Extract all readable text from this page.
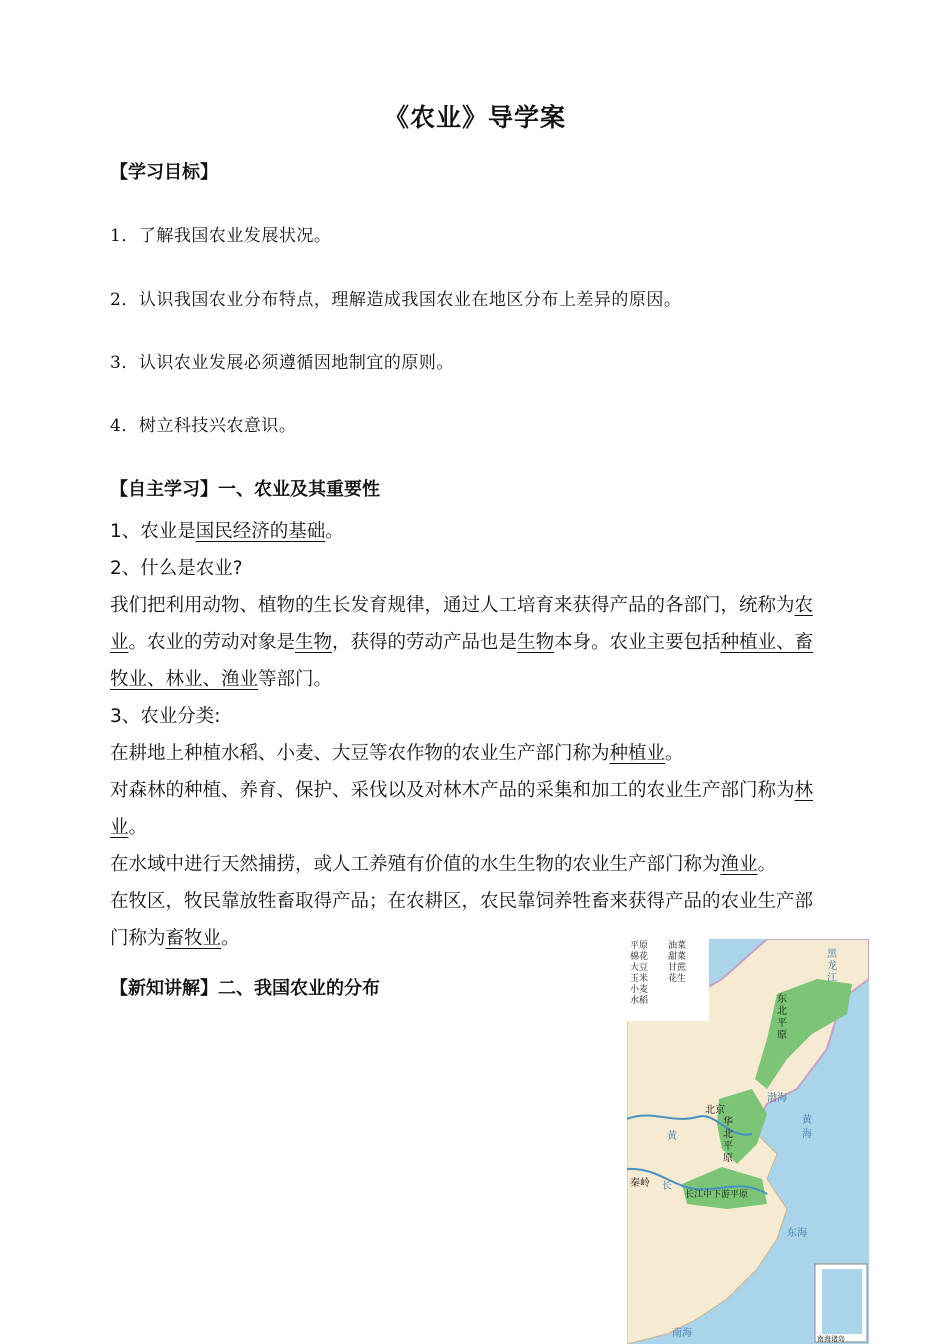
《农业》导学案
【学习目标】
1．了解我国农业发展状况。
2．认识我国农业分布特点，理解造成我国农业在地区分布上差异的原因。
3．认识农业发展必须遵循因地制宜的原则。
4．树立科技兴农意识。
【自主学习】一、农业及其重要性

1、农业是国民经济的基础。

2、什么是农业?

我们把利用动物、植物的生长发育规律，通过人工培育来获得产品的各部门，统称为农
业。农业的劳动对象是生物，获得的劳动产品也是生物本身。农业主要包括种植业、畜
牧业、林业、渔业等部门。

3、农业分类:

在耕地上种植水稻、小麦、大豆等农作物的农业生产部门称为种植业。

对森林的种植、养育、保护、采伐以及对林木产品的采集和加工的农业生产部门称为林
业。

在水域中进行天然捕捞，或人工养殖有价值的水生生物的农业生产部门称为渔业。

在牧区，牧民靠放牲畜取得产品；在农耕区，农民靠饲养牲畜来获得产品的农业生产部
门称为畜牧业。

【新知讲解】二、我国农业的分布
平原	油菜
棉花	甜菜
大豆	甘蔗
玉米	花生
小麦
水稻
北京
华北平原
东北平原
秦岭
黄海
东海
南海
渤海
长江中下游平原
黑龙江
黄
长
南海诸岛
